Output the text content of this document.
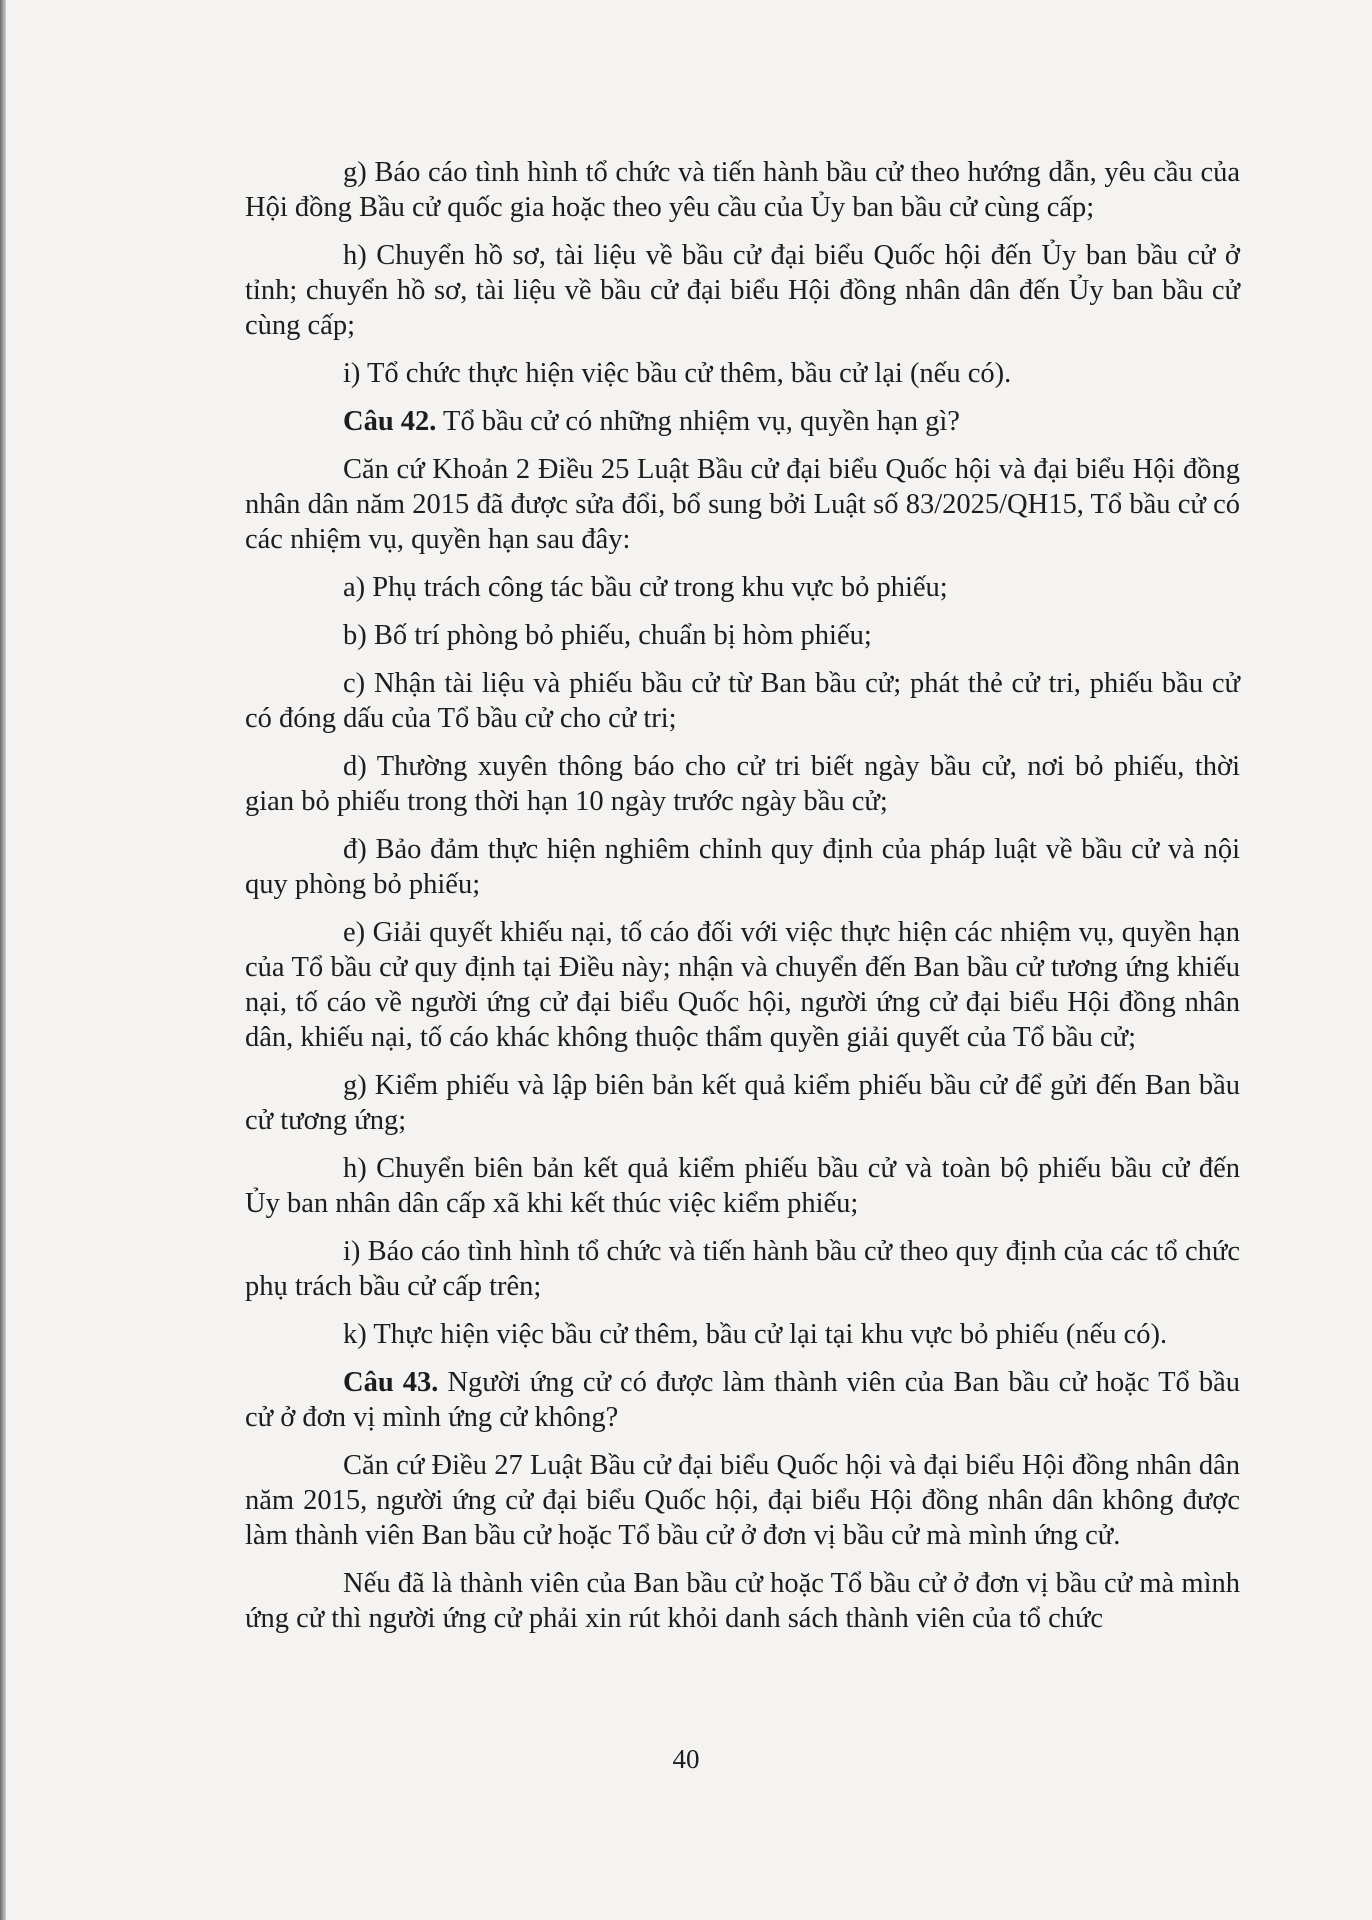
g) Báo cáo tình hình tổ chức và tiến hành bầu cử theo hướng dẫn, yêu cầu của Hội đồng Bầu cử quốc gia hoặc theo yêu cầu của Ủy ban bầu cử cùng cấp;

h) Chuyển hồ sơ, tài liệu về bầu cử đại biểu Quốc hội đến Ủy ban bầu cử ở tỉnh; chuyển hồ sơ, tài liệu về bầu cử đại biểu Hội đồng nhân dân đến Ủy ban bầu cử cùng cấp;

i) Tổ chức thực hiện việc bầu cử thêm, bầu cử lại (nếu có).

Câu 42. Tổ bầu cử có những nhiệm vụ, quyền hạn gì?

Căn cứ Khoản 2 Điều 25 Luật Bầu cử đại biểu Quốc hội và đại biểu Hội đồng nhân dân năm 2015 đã được sửa đổi, bổ sung bởi Luật số 83/2025/QH15, Tổ bầu cử có các nhiệm vụ, quyền hạn sau đây:

a) Phụ trách công tác bầu cử trong khu vực bỏ phiếu;

b) Bố trí phòng bỏ phiếu, chuẩn bị hòm phiếu;

c) Nhận tài liệu và phiếu bầu cử từ Ban bầu cử; phát thẻ cử tri, phiếu bầu cử có đóng dấu của Tổ bầu cử cho cử tri;

d) Thường xuyên thông báo cho cử tri biết ngày bầu cử, nơi bỏ phiếu, thời gian bỏ phiếu trong thời hạn 10 ngày trước ngày bầu cử;

đ) Bảo đảm thực hiện nghiêm chỉnh quy định của pháp luật về bầu cử và nội quy phòng bỏ phiếu;

e) Giải quyết khiếu nại, tố cáo đối với việc thực hiện các nhiệm vụ, quyền hạn của Tổ bầu cử quy định tại Điều này; nhận và chuyển đến Ban bầu cử tương ứng khiếu nại, tố cáo về người ứng cử đại biểu Quốc hội, người ứng cử đại biểu Hội đồng nhân dân, khiếu nại, tố cáo khác không thuộc thẩm quyền giải quyết của Tổ bầu cử;

g) Kiểm phiếu và lập biên bản kết quả kiểm phiếu bầu cử để gửi đến Ban bầu cử tương ứng;

h) Chuyển biên bản kết quả kiểm phiếu bầu cử và toàn bộ phiếu bầu cử đến Ủy ban nhân dân cấp xã khi kết thúc việc kiểm phiếu;

i) Báo cáo tình hình tổ chức và tiến hành bầu cử theo quy định của các tổ chức phụ trách bầu cử cấp trên;

k) Thực hiện việc bầu cử thêm, bầu cử lại tại khu vực bỏ phiếu (nếu có).

Câu 43. Người ứng cử có được làm thành viên của Ban bầu cử hoặc Tổ bầu cử ở đơn vị mình ứng cử không?

Căn cứ Điều 27 Luật Bầu cử đại biểu Quốc hội và đại biểu Hội đồng nhân dân năm 2015, người ứng cử đại biểu Quốc hội, đại biểu Hội đồng nhân dân không được làm thành viên Ban bầu cử hoặc Tổ bầu cử ở đơn vị bầu cử mà mình ứng cử.

Nếu đã là thành viên của Ban bầu cử hoặc Tổ bầu cử ở đơn vị bầu cử mà mình ứng cử thì người ứng cử phải xin rút khỏi danh sách thành viên của tổ chức

40
